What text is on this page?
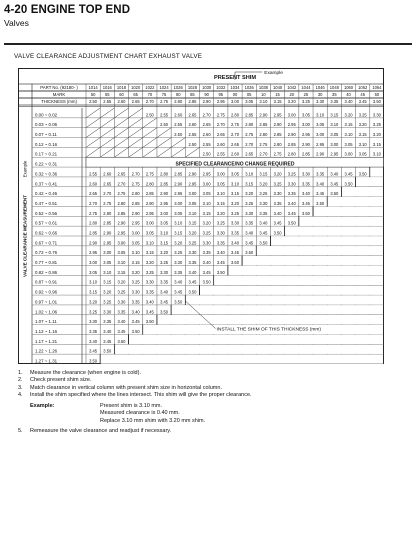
4-20 ENGINE TOP END
Valves
VALVE CLEARANCE ADJUSTMENT CHART EXHAUST VALVE
PRESENT SHIM
Example
PART No. (92180- )	1014 1016 1018 1020 1022 1024 1026 1028 1030 1032 1034 1036 1038 1040 1042 1044 1046 1048 1060 1062 1064
MARK	50 55 60 65 70 75 80 85 90 95 00 05 10 15 20 25 30 35 40 45 50
THICKNESS (mm)	2.50 2.55 2.60 2.65 2.70 2.75 2.80 2.85 2.90 2.95 3.00 3.05 3.10 3.15 3.20 3.25 3.30 3.35 3.40 3.45 3.50
VALVE CLEARANCE MEASUREMENT
Example
0.00 ~ 0.02	2.50 2.55 2.60 2.65 2.70 2.75 2.80 2.85 2.90 2.95 3.00 3.05 3.10 3.15 3.20 3.25 3.30
0.03 ~ 0.06	2.50 2.55 2.60 2.65 2.70 2.75 2.80 2.85 2.90 2.95 3.00 3.05 3.10 3.15 3.20 3.25
0.07 ~ 0.11	2.50 2.55 2.60 2.65 2.70 2.75 2.80 2.85 2.90 2.95 3.00 3.05 3.10 3.15 3.20
0.12 ~ 0.16	2.50 2.55 2.60 2.65 2.70 2.75 2.80 2.85 2.90 2.95 3.00 3.05 3.10 3.15
0.17 ~ 0.21	2.50 2.55 2.60 2.65 2.70 2.75 2.80 2.85 2.90 2.95 3.00 3.05 3.10
0.22 ~ 0.31	SPECIFIED CLEARANCE/NO CHANGE REQUIRED
0.32 ~ 0.36	2.55 2.60 2.65 2.70 2.75 2.80 2.85 2.90 2.95 3.00 3.05 3.10 3.15 3.20 3.25 3.30 3.35 3.40 3.45 3.50
0.37 ~ 0.41	2.60 2.65 2.70 2.75 2.80 2.85 2.90 2.95 3.00 3.05 3.10 3.15 3.20 3.25 3.30 3.35 3.40 3.45 3.50
0.42 ~ 0.46	2.65 2.70 2.75 2.80 2.85 2.90 2.95 3.00 3.05 3.10 3.15 3.20 3.25 3.30 3.35 3.40 3.45 3.50
0.47 ~ 0.51	2.70 2.75 2.80 2.85 2.90 2.95 3.00 3.05 3.10 3.15 3.20 3.25 3.30 3.35 3.40 3.45 3.50
0.52 ~ 0.56	2.75 2.80 2.85 2.90 2.95 3.00 3.05 3.10 3.15 3.20 3.25 3.30 3.35 3.40 3.45 3.50
0.57 ~ 0.61	2.80 2.85 2.90 2.95 3.00 3.05 3.10 3.15 3.20 3.25 3.30 3.35 3.40 3.45 3.50
0.62 ~ 0.66	2.85 2.90 2.95 3.00 3.05 3.10 3.15 3.20 3.25 3.30 3.35 3.40 3.45 3.50
0.67 ~ 0.71	2.90 2.95 3.00 3.05 3.10 3.15 3.20 3.25 3.30 3.35 3.40 3.45 3.50
0.72 ~ 0.76	2.95 3.00 3.05 3.10 3.15 3.20 3.25 3.30 3.35 3.40 3.45 3.50
0.77 ~ 0.81	3.00 3.05 3.10 3.15 3.20 3.25 3.30 3.35 3.40 3.45 3.50
0.82 ~ 0.86	3.05 3.10 3.15 3.20 3.25 3.30 3.35 3.40 3.45 3.50
0.87 ~ 0.91	3.10 3.15 3.20 3.25 3.30 3.35 3.40 3.45 3.50
0.92 ~ 0.96	3.15 3.20 3.25 3.30 3.35 3.40 3.45 3.50
0.97 ~ 1.01	3.20 3.25 3.30 3.35 3.40 3.45 3.50
1.02 ~ 1.06	3.25 3.30 3.35 3.40 3.45 3.50
1.07 ~ 1.11	3.30 3.35 3.40 3.45 3.50
1.12 ~ 1.16	3.35 3.40 3.45 3.50
1.17 ~ 1.21	3.40 3.45 3.50
1.22 ~ 1.26	3.45 3.50
1.27 ~ 1.31	3.50
INSTALL THE SHIM OF THIS THICKNESS (mm)
1.	Measure the clearance (when engine is cold).
2.	Check present shim size.
3.	Match clearance in vertical column with present shim size in horizontal column.
4.	Install the shim specified where the lines intersect. This shim will give the proper clearance.
Example:	Present shim is 3.10 mm.
Measured clearance is 0.40 mm.
Replace 3.10 mm shim with 3.20 mm shim.
5.	Remeasure the valve clearance and readjust if necessary.
